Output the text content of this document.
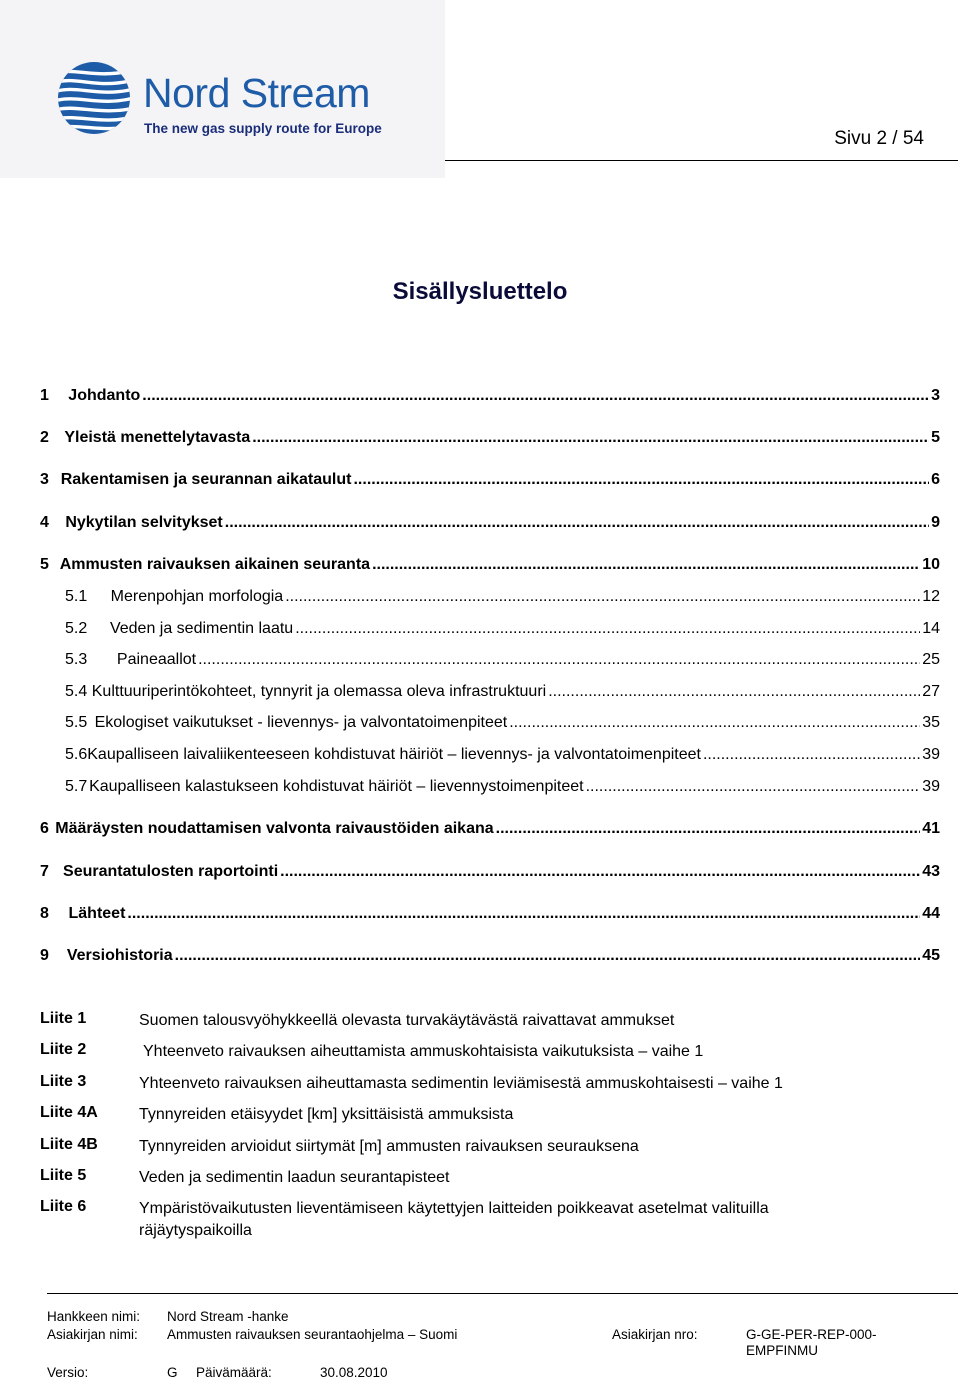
Nord Stream
The new gas supply route for Europe	Sivu 2 / 54
Sisällysluettelo
1	Johdanto .....	3
2 Yleistä menettelytavasta .....	5
3 Rakentamisen ja seurannan aikataulut .....	6
4	Nykytilan selvitykset .....	9
5 Ammusten raivauksen aikainen seuranta .....	10
5.1	Merenpohjan morfologia .....	12
5.2	Veden ja sedimentin laatu .....	14
5.3	Paineaallot .....	25
5.4 Kulttuuriperintökohteet, tynnyrit ja olemassa oleva infrastruktuuri .....	27
5.5 Ekologiset vaikutukset - lievennys- ja valvontatoimenpiteet .....	35
5.6 Kaupalliseen laivaliikenteeseen kohdistuvat häiriöt – lievennys- ja valvontatoimenpiteet .....	39
5.7 Kaupalliseen kalastukseen kohdistuvat häiriöt – lievennystoimenpiteet .....	39
6 Määräysten noudattamisen valvonta raivaustöiden aikana .....	41
7 Seurantatulosten raportointi .....	43
8	Lähteet .....	44
9	Versiohistoria .....	45
Liite 1	Suomen talousvyöhykkeellä olevasta turvakäytävästä raivattavat ammukset
Liite 2	Yhteenveto raivauksen aiheuttamista ammuskohtaisista vaikutuksista – vaihe 1
Liite 3	Yhteenveto raivauksen aiheuttamasta sedimentin leviämisestä ammuskohtaisesti – vaihe 1
Liite 4A	Tynnyreiden etäisyydet [km] yksittäisistä ammuksista
Liite 4B	Tynnyreiden arvioidut siirtymät [m] ammusten raivauksen seurauksena
Liite 5	Veden ja sedimentin laadun seurantapisteet
Liite 6	Ympäristövaikutusten lieventämiseen käytettyjen laitteiden poikkeavat asetelmat valituilla räjäytyspaikoilla
Hankkeen nimi: Nord Stream -hanke
Asiakirjan nimi: Ammusten raivauksen seurantaohjelma – Suomi	Asiakirjan nro:	G-GE-PER-REP-000-
EMPFINMU
Versio:	G Päivämäärä:	30.08.2010
